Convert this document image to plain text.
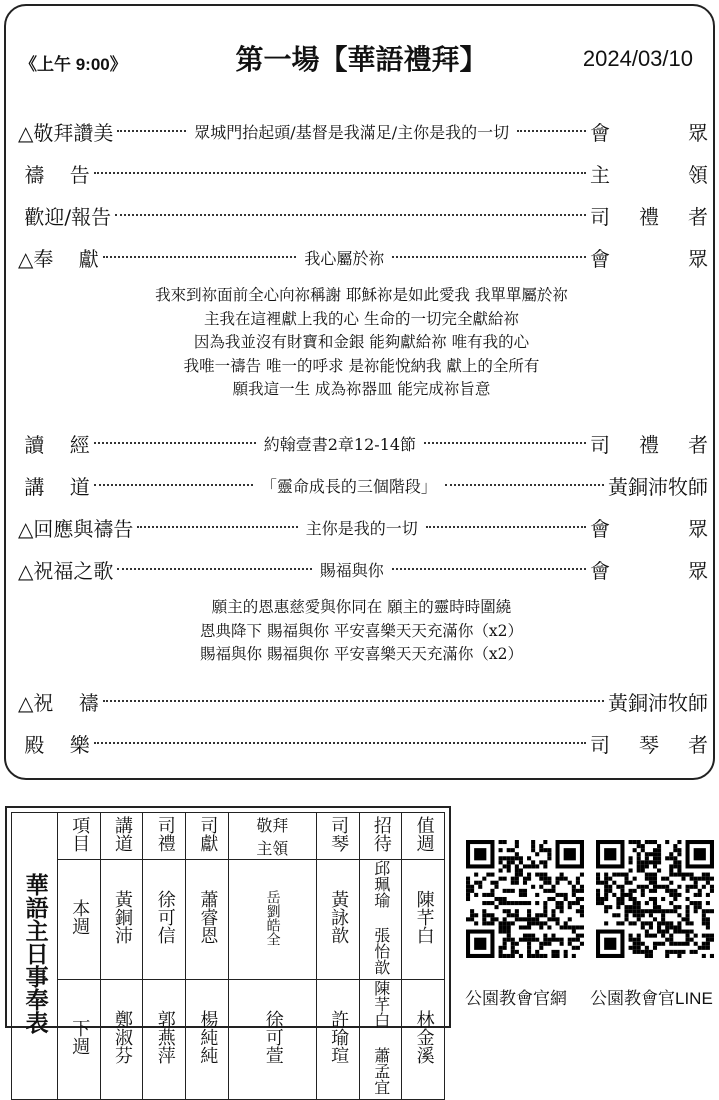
《上午 9:00》	第一場【華語禮拜】	2024/03/10
△敬拜讚美	眾城門抬起頭/基督是我滿足/主你是我的一切	會	眾
禱    告	主	領
歡迎/報告	司 禮 者
△奉    獻	我心屬於祢	會	眾
讀    經	約翰壹書2章12-14節	司 禮 者
講    道	「靈命成長的三個階段」	黃銅沛牧師
△回應與禱告	主你是我的一切	會	眾
△祝福之歌	賜福與你	會	眾
△祝    禱	黃銅沛牧師
殿    樂	司 琴 者
我來到祢面前全心向祢稱謝 耶穌祢是如此愛我 我單單屬於祢
主我在這裡獻上我的心 生命的一切完全獻給祢
因為我並沒有財寶和金銀 能夠獻給祢 唯有我的心
我唯一禱告 唯一的呼求 是祢能悅納我 獻上的全所有
願我這一生 成為祢器皿 能完成祢旨意
願主的恩惠慈愛與你同在 願主的靈時時圍繞
恩典降下 賜福與你 平安喜樂天天充滿你（x2）
賜福與你 賜福與你 平安喜樂天天充滿你（x2）
華語主日事奉表	項目	講道	司禮	司獻	敬拜主領	司琴	招待	值週
	本週	黃銅沛	徐可信	蕭睿恩	岳劉皓全	黃詠歆	邱珮瑜 張怡歆	陳芊白
	下週	鄭淑芬	郭燕萍	楊純純	徐可萱	許瑜瑄	陳芊白 蕭孟宜	林金溪
公園教會官網 公園教會官LINE
